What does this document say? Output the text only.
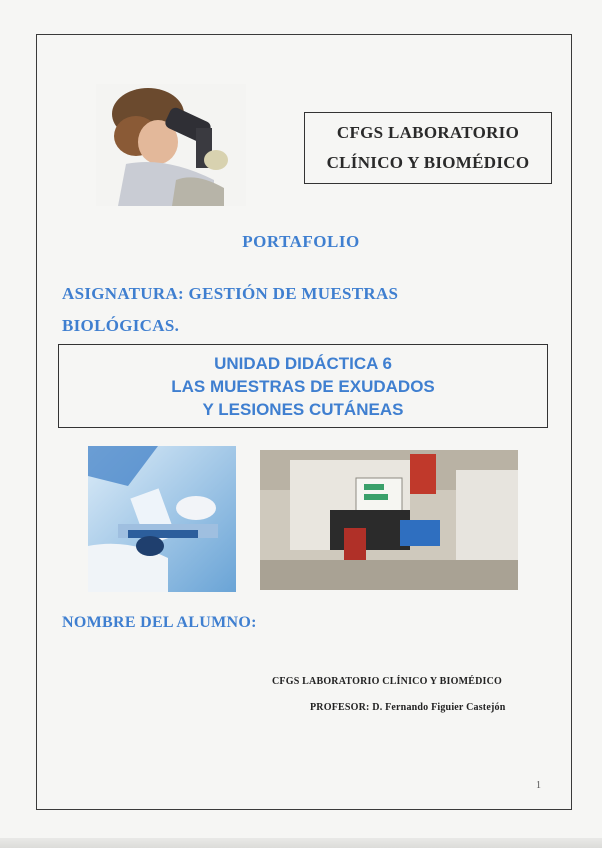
CFGS LABORATORIO
CLÍNICO Y BIOMÉDICO
PORTAFOLIO
ASIGNATURA: GESTIÓN DE MUESTRAS
BIOLÓGICAS.
UNIDAD DIDÁCTICA 6
LAS MUESTRAS DE EXUDADOS
Y LESIONES CUTÁNEAS
NOMBRE DEL ALUMNO:
CFGS LABORATORIO CLÍNICO Y BIOMÉDICO
PROFESOR: D. Fernando Figuier Castejón
1
